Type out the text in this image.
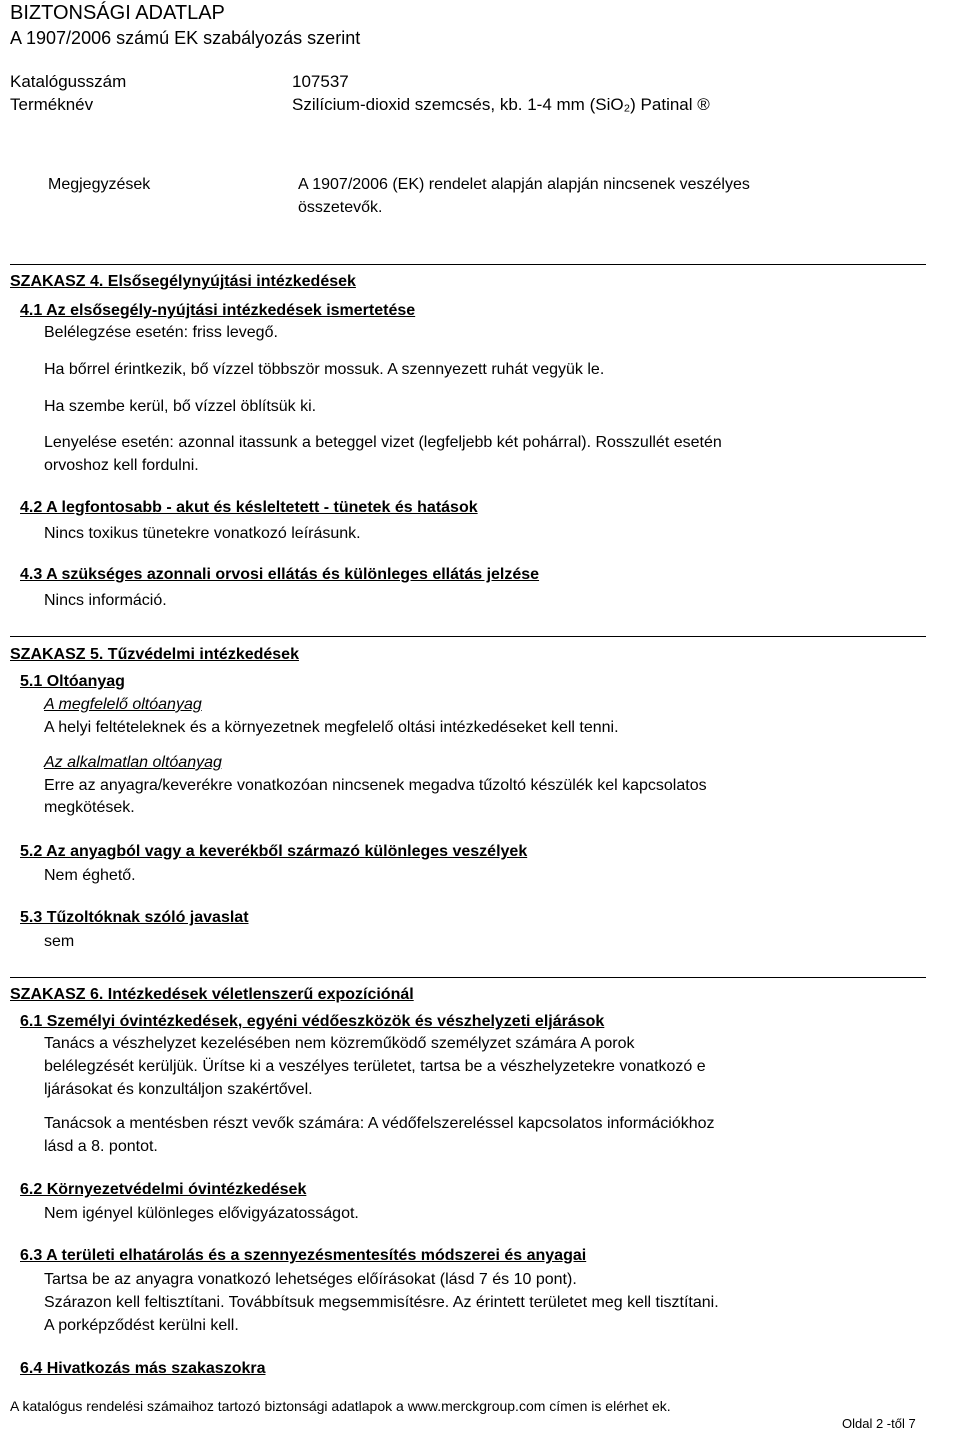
BIZTONSÁGI ADATLAP
A 1907/2006 számú EK szabályozás szerint
Katalógusszám	107537
Terméknév	Szilícium-dioxid szemcsés, kb. 1-4 mm (SiO₂) Patinal ®
Megjegyzések	A 1907/2006 (EK) rendelet alapján alapján nincsenek veszélyes
összetevők.
SZAKASZ 4. Elsősegélynyújtási intézkedések
4.1 Az elsősegély-nyújtási intézkedések ismertetése
Belélegzése esetén: friss levegő.
Ha bőrrel érintkezik, bő vízzel többször mossuk. A szennyezett ruhát vegyük le.
Ha szembe kerül, bő vízzel öblítsük ki.
Lenyelése esetén: azonnal itassunk a beteggel vizet (legfeljebb két pohárral). Rosszullét esetén
orvoshoz kell fordulni.
4.2 A legfontosabb - akut és késleltetett - tünetek és hatások
Nincs toxikus tünetekre vonatkozó leírásunk.
4.3 A szükséges azonnali orvosi ellátás és különleges ellátás jelzése
Nincs információ.
SZAKASZ 5. Tűzvédelmi intézkedések
5.1 Oltóanyag
A megfelelő oltóanyag
A helyi feltételeknek és a környezetnek megfelelő oltási intézkedéseket kell tenni.
Az alkalmatlan oltóanyag
Erre az anyagra/keverékre vonatkozóan nincsenek megadva tűzoltó készülék kel kapcsolatos
megkötések.
5.2 Az anyagból vagy a keverékből származó különleges veszélyek
Nem éghető.
5.3 Tűzoltóknak szóló javaslat
sem
SZAKASZ 6. Intézkedések véletlenszerű expozíciónál
6.1 Személyi óvintézkedések, egyéni védőeszközök és vészhelyzeti eljárások
Tanács a vészhelyzet kezelésében nem közreműködő személyzet számára A porok
belélegzését kerüljük. Ürítse ki a veszélyes területet, tartsa be a vészhelyzetekre vonatkozó e
ljárásokat és konzultáljon szakértővel.
Tanácsok a mentésben részt vevők számára: A védőfelszereléssel kapcsolatos információkhoz
lásd a 8. pontot.
6.2 Környezetvédelmi óvintézkedések
Nem igényel különleges elővigyázatosságot.
6.3 A területi elhatárolás és a szennyezésmentesítés módszerei és anyagai
Tartsa be az anyagra vonatkozó lehetséges előírásokat (lásd 7 és 10 pont).
Szárazon kell feltisztítani. Továbbítsuk megsemmisítésre. Az érintett területet meg kell tisztítani.
A porképződést kerülni kell.
6.4 Hivatkozás más szakaszokra
A katalógus rendelési számaihoz tartozó biztonsági adatlapok a www.merckgroup.com címen is elérhet ek.
Oldal 2 -től 7
